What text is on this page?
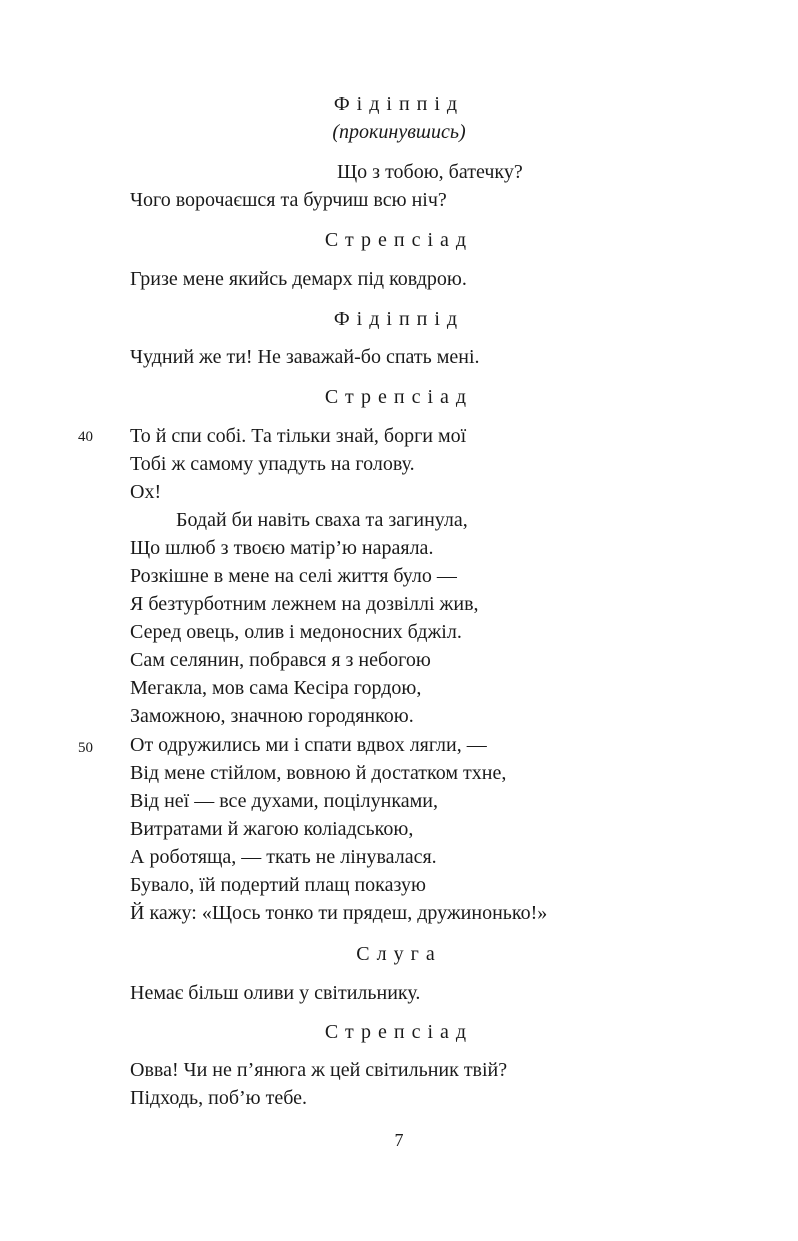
Фідіппід
(прокинувшись)
Що з тобою, батечку?
Чого ворочаєшся та бурчиш всю ніч?
Стрепсіад
Гризе мене якийсь демарх під ковдрою.
Фідіппід
Чудний же ти! Не заважай-бо спать мені.
Стрепсіад
40 То й спи собі. Та тільки знай, борги мої
Тобі ж самому упадуть на голову.
Ох!
Бодай би навіть сваха та загинула,
Що шлюб з твоєю матір’ю нараяла.
Розкішне в мене на селі життя було —
Я безтурботним лежнем на дозвіллі жив,
Серед овець, олив і медоносних бджіл.
Сам селянин, побрався я з небогою
Мегакла, мов сама Кесіра гордою,
Заможною, значною городянкою.
50 От одружились ми і спати вдвох лягли, —
Від мене стійлом, вовною й достатком тхне,
Від неї — все духами, поцілунками,
Витратами й жагою коліадською,
А роботяща, — ткать не лінувалася.
Бувало, їй подертий плащ показую
Й кажу: «Щось тонко ти прядеш, дружинонько!»
Слуга
Немає більш оливи у світильнику.
Стрепсіад
Овва! Чи не п’янюга ж цей світильник твій?
Підходь, поб’ю тебе.
7
